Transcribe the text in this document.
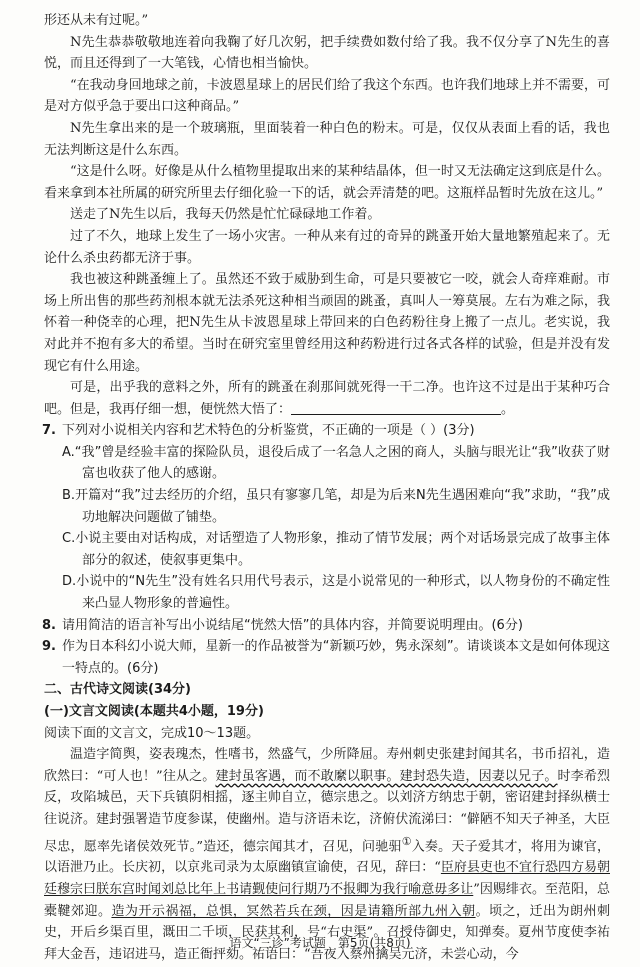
形还从未有过呢。”

N先生恭恭敬敬地连着向我鞠了好几次躬，把手续费如数付给了我。我不仅分享了N先生的喜悦，而且还得到了一大笔钱，心情也相当愉快。

“在我动身回地球之前，卡波恩星球上的居民们给了我这个东西。也许我们地球上并不需要，可是对方似乎急于要出口这种商品。”

N先生拿出来的是一个玻璃瓶，里面装着一种白色的粉末。可是，仅仅从表面上看的话，我也无法判断这是什么东西。

“这是什么呀。好像是从什么植物里提取出来的某种结晶体，但一时又无法确定这到底是什么。看来拿到本社所属的研究所里去仔细化验一下的话，就会弄清楚的吧。这瓶样品暂时先放在这儿。”

送走了N先生以后，我每天仍然是忙忙碌碌地工作着。

过了不久，地球上发生了一场小灾害。一种从来有过的奇异的跳蚤开始大量地繁殖起来了。无论什么杀虫药都无济于事。

我也被这种跳蚤缠上了。虽然还不致于威胁到生命，可是只要被它一咬，就会人奇痒难耐。市场上所出售的那些药剂根本就无法杀死这种相当顽固的跳蚤，真叫人一筹莫展。左右为难之际，我怀着一种侥幸的心理，把N先生从卡波恩星球上带回来的白色药粉往身上搬了一点儿。老实说，我对此并不抱有多大的希望。当时在研究室里曾经用这种药粉进行过各式各样的试验，但是并没有发现它有什么用途。

可是，出乎我的意料之外，所有的跳蚤在刹那间就死得一干二净。也许这不过是出于某种巧合吧。但是，我再仔细一想，便恍然大悟了：	。

7. 下列对小说相关内容和艺术特色的分析鉴赏，不正确的一项是（ ）(3分)

A.“我”曾是经验丰富的探险队员，退役后成了一名急人之困的商人，头脑与眼光让“我”收获了财富也收获了他人的感谢。

B.开篇对“我”过去经历的介绍，虽只有寥寥几笔，却是为后来N先生遇困难向“我”求助，“我”成功地解决问题做了铺垫。

C.小说主要由对话构成，对话塑造了人物形象，推动了情节发展；两个对话场景完成了故事主体部分的叙述，使叙事更集中。

D.小说中的“N先生”没有姓名只用代号表示，这是小说常见的一种形式，以人物身份的不确定性来凸显人物形象的普遍性。

8. 请用简洁的语言补写出小说结尾“恍然大悟”的具体内容，并简要说明理由。(6分)

9. 作为日本科幻小说大师，星新一的作品被誉为“新颖巧妙，隽永深刻”。请谈谈本文是如何体现这一特点的。(6分)

二、古代诗文阅读(34分)

(一)文言文阅读(本题共4小题，19分)

阅读下面的文言文，完成10～13题。

温造字简舆，姿表瑰杰，性嗜书，然盛气，少所降屈。寿州刺史张建封闻其名，书币招礼，造欣然曰：“可人也！”往从之。建封虽客遇，而不敢縻以职事。建封恐失造，因妻以兄子。时李希烈反，攻陷城邑，天下兵镇阴相摇，逐主帅自立，德宗患之。以刘济方纳忠于朝，密诏建封择纵横士往说济。建封强署造节度参谋，使幽州。造与济语未讫，济俯伏流涕曰：“僻陋不知天子神圣，大臣尽忠，愿率先诸侯效死节。”造还，德宗闻其才，召见，问驰驲①入奏。天子爱其才，将用为谏官，以语泄乃止。长庆初，以京兆司录为太原幽镇宣谕使，召见，辞曰：“臣府县吏也不宜行恐四方易朝廷穆宗曰朕东宫时闻刘总比年上书请觐使问行期乃不报卿为我行喻意毋多让”因赐绯衣。至范阳，总橐鞬郊迎。造为开示祸福，总惧，冥然若兵在颈，因是请籍所部九州入朝。顷之，迁出为朗州刺史，开后乡渠百里，溉田二千顷，民获其利，号“右史渠”。召授侍御史，知弹奏。夏州节度使李祐拜大金吾，违诏进马，造正衙抨劾。祐语曰：“吾夜入蔡州擒吴元济，未尝心动，今

语文“三诊”考试题　第5页(共8页)
